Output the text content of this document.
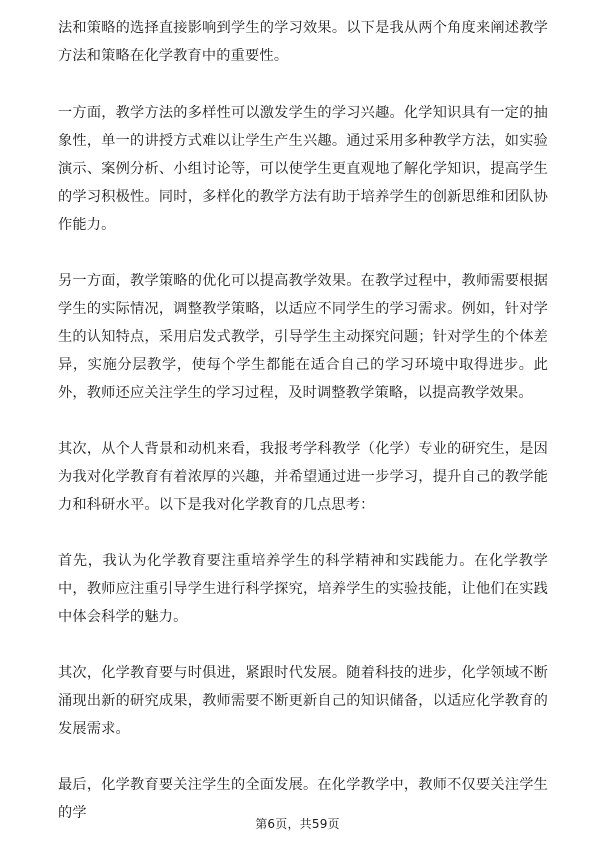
法和策略的选择直接影响到学生的学习效果。以下是我从两个角度来阐述教学方法和策略在化学教育中的重要性。

一方面，教学方法的多样性可以激发学生的学习兴趣。化学知识具有一定的抽象性，单一的讲授方式难以让学生产生兴趣。通过采用多种教学方法，如实验演示、案例分析、小组讨论等，可以使学生更直观地了解化学知识，提高学生的学习积极性。同时，多样化的教学方法有助于培养学生的创新思维和团队协作能力。

另一方面，教学策略的优化可以提高教学效果。在教学过程中，教师需要根据学生的实际情况，调整教学策略，以适应不同学生的学习需求。例如，针对学生的认知特点，采用启发式教学，引导学生主动探究问题；针对学生的个体差异，实施分层教学，使每个学生都能在适合自己的学习环境中取得进步。此外，教师还应关注学生的学习过程，及时调整教学策略，以提高教学效果。

其次，从个人背景和动机来看，我报考学科教学（化学）专业的研究生，是因为我对化学教育有着浓厚的兴趣，并希望通过进一步学习，提升自己的教学能力和科研水平。以下是我对化学教育的几点思考：

首先，我认为化学教育要注重培养学生的科学精神和实践能力。在化学教学中，教师应注重引导学生进行科学探究，培养学生的实验技能，让他们在实践中体会科学的魅力。

其次，化学教育要与时俱进，紧跟时代发展。随着科技的进步，化学领域不断涌现出新的研究成果，教师需要不断更新自己的知识储备，以适应化学教育的发展需求。

最后，化学教育要关注学生的全面发展。在化学教学中，教师不仅要关注学生的学

第6页，共59页
